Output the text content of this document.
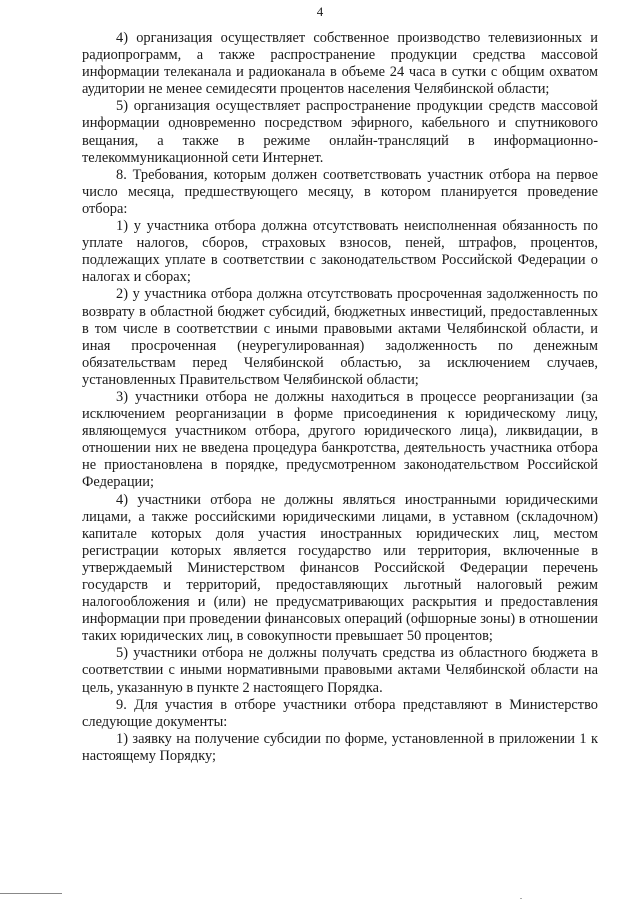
4

4) организация осуществляет собственное производство телевизионных и радиопрограмм, а также распространение продукции средства массовой информации телеканала и радиоканала в объеме 24 часа в сутки с общим охватом аудитории не менее семидесяти процентов населения Челябинской области;

5) организация осуществляет распространение продукции средств массовой информации одновременно посредством эфирного, кабельного и спутникового вещания, а также в режиме онлайн-трансляций в информационно-телекоммуникационной сети Интернет.

8. Требования, которым должен соответствовать участник отбора на первое число месяца, предшествующего месяцу, в котором планируется проведение отбора:

1) у участника отбора должна отсутствовать неисполненная обязанность по уплате налогов, сборов, страховых взносов, пеней, штрафов, процентов, подлежащих уплате в соответствии с законодательством Российской Федерации о налогах и сборах;

2) у участника отбора должна отсутствовать просроченная задолженность по возврату в областной бюджет субсидий, бюджетных инвестиций, предоставленных в том числе в соответствии с иными правовыми актами Челябинской области, и иная просроченная (неурегулированная) задолженность по денежным обязательствам перед Челябинской областью, за исключением случаев, установленных Правительством Челябинской области;

3) участники отбора не должны находиться в процессе реорганизации (за исключением реорганизации в форме присоединения к юридическому лицу, являющемуся участником отбора, другого юридического лица), ликвидации, в отношении них не введена процедура банкротства, деятельность участника отбора не приостановлена в порядке, предусмотренном законодательством Российской Федерации;

4) участники отбора не должны являться иностранными юридическими лицами, а также российскими юридическими лицами, в уставном (складочном) капитале которых доля участия иностранных юридических лиц, местом регистрации которых является государство или территория, включенные в утверждаемый Министерством финансов Российской Федерации перечень государств и территорий, предоставляющих льготный налоговый режим налогообложения и (или) не предусматривающих раскрытия и предоставления информации при проведении финансовых операций (офшорные зоны) в отношении таких юридических лиц, в совокупности превышает 50 процентов;

5) участники отбора не должны получать средства из областного бюджета в соответствии с иными нормативными правовыми актами Челябинской области на цель, указанную в пункте 2 настоящего Порядка.

9. Для участия в отборе участники отбора представляют в Министерство следующие документы:

1) заявку на получение субсидии по форме, установленной в приложении 1 к настоящему Порядку;
